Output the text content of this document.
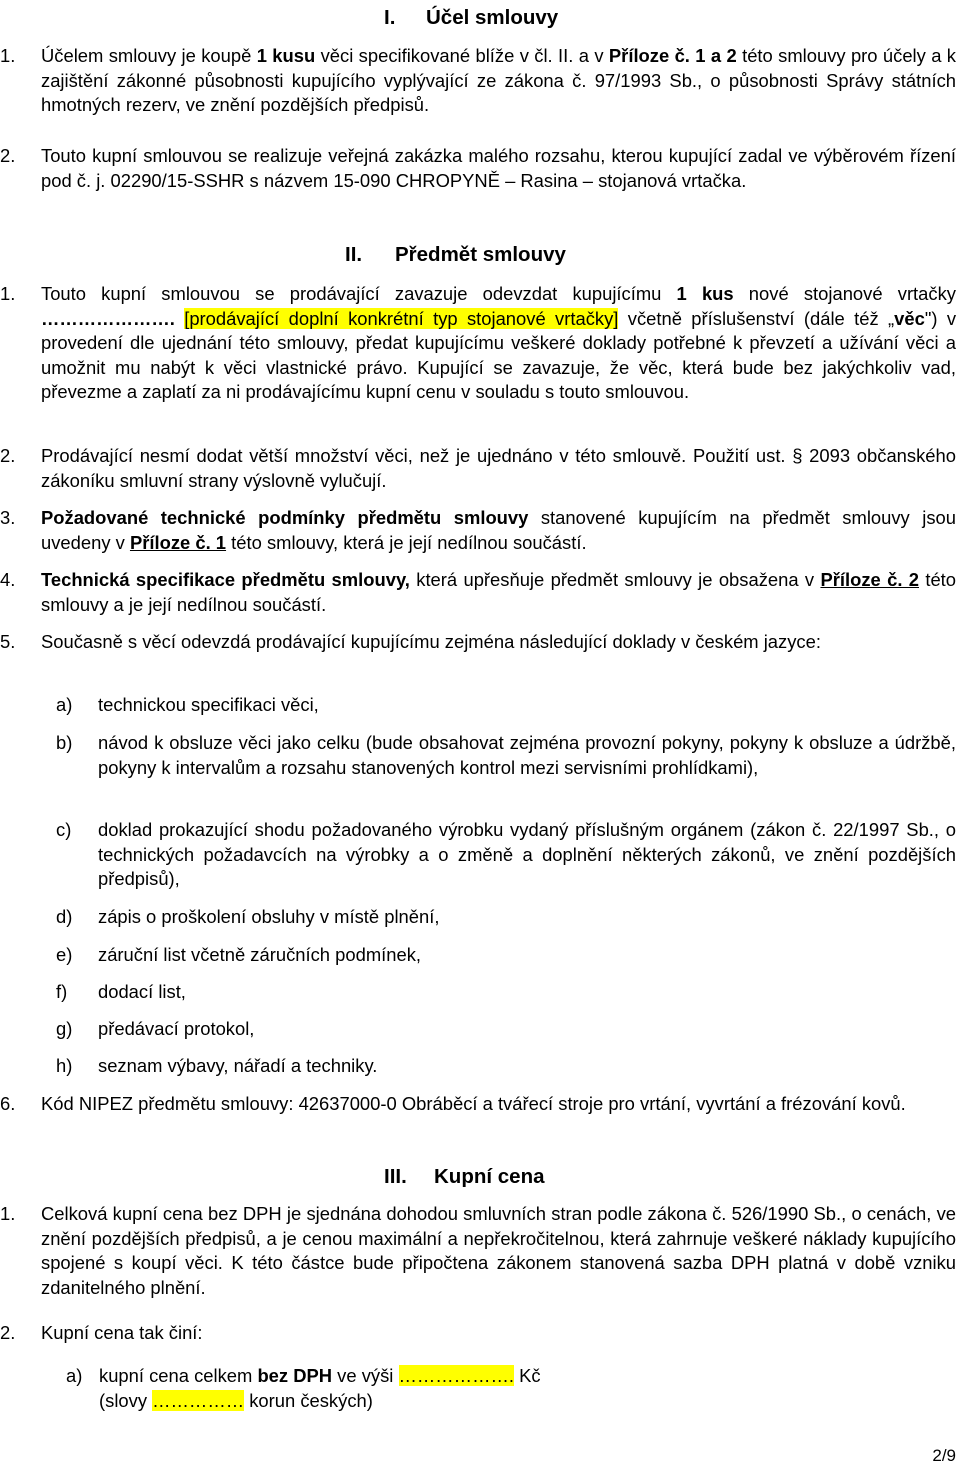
I. Účel smlouvy
1. Účelem smlouvy je koupě 1 kusu věci specifikované blíže v čl. II. a v Příloze č. 1 a 2 této smlouvy pro účely a k zajištění zákonné působnosti kupujícího vyplývající ze zákona č. 97/1993 Sb., o působnosti Správy státních hmotných rezerv, ve znění pozdějších předpisů.
2. Touto kupní smlouvou se realizuje veřejná zakázka malého rozsahu, kterou kupující zadal ve výběrovém řízení pod č. j. 02290/15-SSHR s názvem 15-090 CHROPYNĚ – Rasina – stojanová vrtačka.
II. Předmět smlouvy
1. Touto kupní smlouvou se prodávající zavazuje odevzdat kupujícímu 1 kus nové stojanové vrtačky …………………. [prodávající doplní konkrétní typ stojanové vrtačky] včetně příslušenství (dále též „věc") v provedení dle ujednání této smlouvy, předat kupujícímu veškeré doklady potřebné k převzetí a užívání věci a umožnit mu nabýt k věci vlastnické právo. Kupující se zavazuje, že věc, která bude bez jakýchkoliv vad, převezme a zaplatí za ni prodávajícímu kupní cenu v souladu s touto smlouvou.
2. Prodávající nesmí dodat větší množství věci, než je ujednáno v této smlouvě. Použití ust. § 2093 občanského zákoníku smluvní strany výslovně vylučují.
3. Požadované technické podmínky předmětu smlouvy stanovené kupujícím na předmět smlouvy jsou uvedeny v Příloze č. 1 této smlouvy, která je její nedílnou součástí.
4. Technická specifikace předmětu smlouvy, která upřesňuje předmět smlouvy je obsažena v Příloze č. 2 této smlouvy a je její nedílnou součástí.
5. Současně s věcí odevzdá prodávající kupujícímu zejména následující doklady v českém jazyce:
a) technickou specifikaci věci,
b) návod k obsluze věci jako celku (bude obsahovat zejména provozní pokyny, pokyny k obsluze a údržbě, pokyny k intervalům a rozsahu stanovených kontrol mezi servisními prohlídkami),
c) doklad prokazující shodu požadovaného výrobku vydaný příslušným orgánem (zákon č. 22/1997 Sb., o technických požadavcích na výrobky a o změně a doplnění některých zákonů, ve znění pozdějších předpisů),
d) zápis o proškolení obsluhy v místě plnění,
e) záruční list včetně záručních podmínek,
f) dodací list,
g) předávací protokol,
h) seznam výbavy, nářadí a techniky.
6. Kód NIPEZ předmětu smlouvy: 42637000-0 Obráběcí a tvářecí stroje pro vrtání, vyvrtání a frézování kovů.
III. Kupní cena
1. Celková kupní cena bez DPH je sjednána dohodou smluvních stran podle zákona č. 526/1990 Sb., o cenách, ve znění pozdějších předpisů, a je cenou maximální a nepřekročitelnou, která zahrnuje veškeré náklady kupujícího spojené s koupí věci. K této částce bude připočtena zákonem stanovená sazba DPH platná v době vzniku zdanitelného plnění.
2. Kupní cena tak činí:
a) kupní cena celkem bez DPH ve výši ………………. Kč
(slovy …………… korun českých)
2/9
